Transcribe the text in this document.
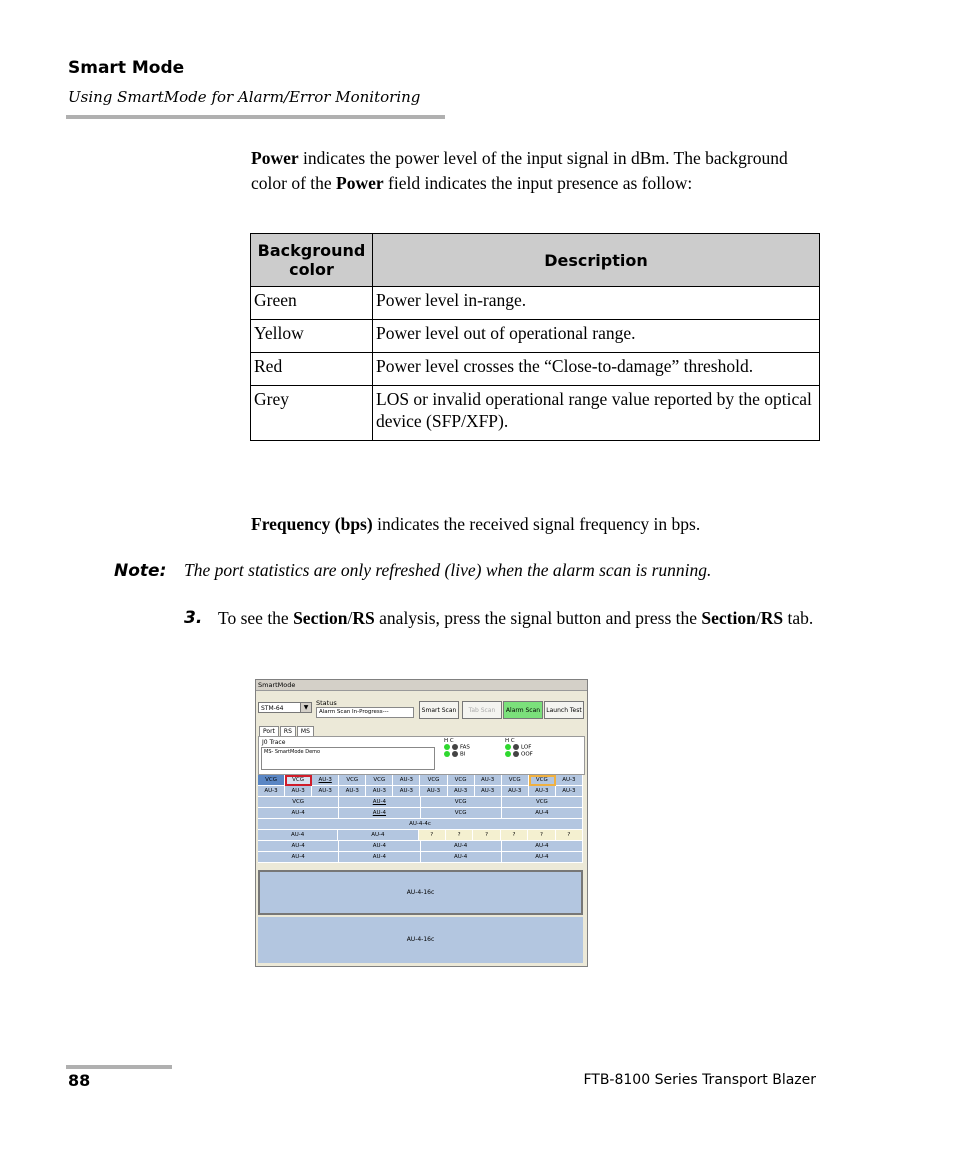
Smart Mode
Using SmartMode for Alarm/Error Monitoring
Power indicates the power level of the input signal in dBm. The background color of the Power field indicates the input presence as follow:
Background color	Description
Green	Power level in-range.
Yellow	Power level out of operational range.
Red	Power level crosses the “Close-to-damage” threshold.
Grey	LOS or invalid operational range value reported by the optical device (SFP/XFP).
Frequency (bps) indicates the received signal frequency in bps.
Note: The port statistics are only refreshed (live) when the alarm scan is running.
3. To see the Section/RS analysis, press the signal button and press the Section/RS tab.
SmartMode
STM-64	▼
Status
Alarm Scan In-Progress---	Smart Scan	Tab Scan	Alarm Scan	Launch Test
Port RS MS
J0 Trace
MS- SmartMode Demo
H C
FAS
BI
H C
LOF
OOF
VCG	VCG	AU-3	VCG	VCG	AU-3	VCG	VCG	AU-3	VCG	VCG	AU-3
AU-3	AU-3	AU-3	AU-3	AU-3	AU-3	AU-3	AU-3	AU-3	AU-3	AU-3	AU-3
VCG	AU-4	VCG	VCG
AU-4	AU-4	VCG	AU-4
AU-4-4c
AU-4	AU-4	?	?	?	?	?	?
AU-4	AU-4	AU-4	AU-4
AU-4	AU-4	AU-4	AU-4
AU-4-16c
AU-4-16c
88	FTB-8100 Series Transport Blazer
